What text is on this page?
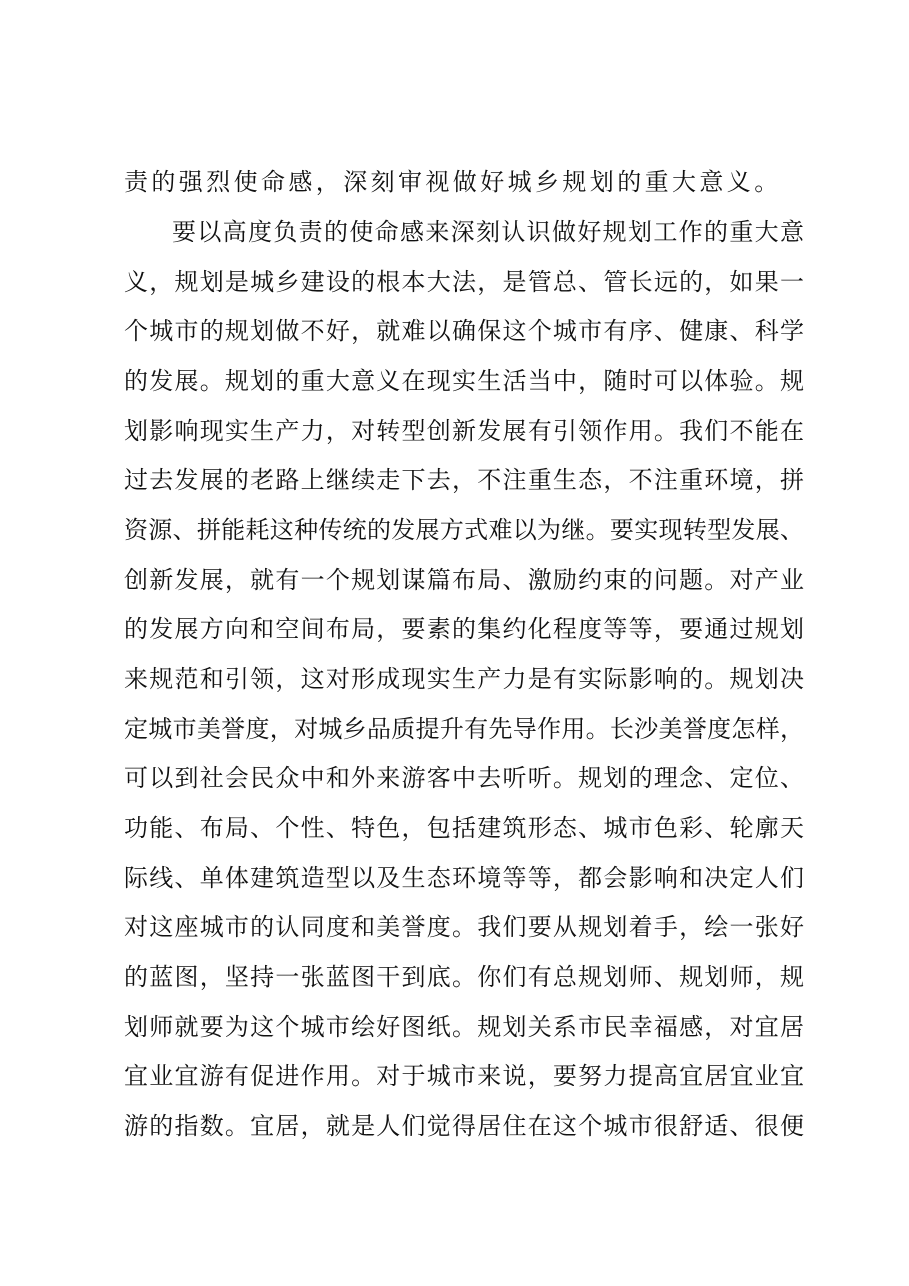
责的强烈使命感，深刻审视做好城乡规划的重大意义。
要以高度负责的使命感来深刻认识做好规划工作的重大意
义，规划是城乡建设的根本大法，是管总、管长远的，如果一
个城市的规划做不好，就难以确保这个城市有序、健康、科学
的发展。规划的重大意义在现实生活当中，随时可以体验。规
划影响现实生产力，对转型创新发展有引领作用。我们不能在
过去发展的老路上继续走下去，不注重生态，不注重环境，拼
资源、拼能耗这种传统的发展方式难以为继。要实现转型发展、
创新发展，就有一个规划谋篇布局、激励约束的问题。对产业
的发展方向和空间布局，要素的集约化程度等等，要通过规划
来规范和引领，这对形成现实生产力是有实际影响的。规划决
定城市美誉度，对城乡品质提升有先导作用。长沙美誉度怎样，
可以到社会民众中和外来游客中去听听。规划的理念、定位、
功能、布局、个性、特色，包括建筑形态、城市色彩、轮廓天
际线、单体建筑造型以及生态环境等等，都会影响和决定人们
对这座城市的认同度和美誉度。我们要从规划着手，绘一张好
的蓝图，坚持一张蓝图干到底。你们有总规划师、规划师，规
划师就要为这个城市绘好图纸。规划关系市民幸福感，对宜居
宜业宜游有促进作用。对于城市来说，要努力提高宜居宜业宜
游的指数。宜居，就是人们觉得居住在这个城市很舒适、很便
